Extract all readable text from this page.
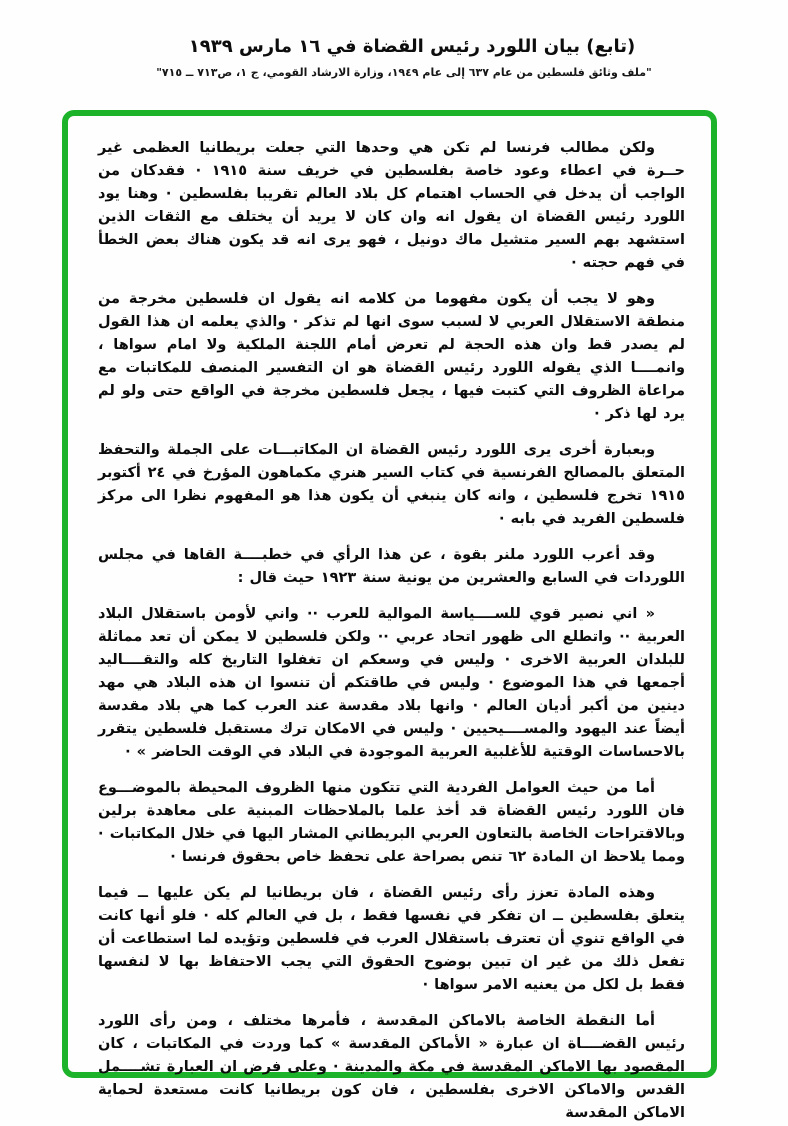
(تابع) بيان اللورد رئيس القضاة في ١٦ مارس ١٩٣٩
"ملف وثائق فلسطين من عام ٦٣٧ إلى عام ١٩٤٩، وزارة الارشاد القومي، ج ١، ص٧١٣ ــ ٧١٥"

ولكن مطالب فرنسا لم تكن هي وحدها التي جعلت بريطانيا العظمى غير حــرة في اعطاء وعود خاصة بفلسطين في خريف سنة ١٩١٥ · فقدكان من الواجب أن يدخل في الحساب اهتمام كل بلاد العالم تقريبا بفلسطين · وهنا يود اللورد رئيس القضاة ان يقول انه وان كان لا يريد أن يختلف مع الثقات الذين استشهد بهم السير متشيل ماك دونيل ، فهو يرى انه قد يكون هناك بعض الخطأ في فهم حجته ·

وهو لا يجب أن يكون مفهوما من كلامه انه يقول ان فلسطين مخرجة من منطقة الاستقلال العربي لا لسبب سوى انها لم تذكر · والذي يعلمه ان هذا القول لم يصدر قط وان هذه الحجة لم تعرض أمام اللجنة الملكية ولا امام سواها ، وانمــــا الذي يقوله اللورد رئيس القضاة هو ان التفسير المنصف للمكاتبات مع مراعاة الظروف التي كتبت فيها ، يجعل فلسطين مخرجة في الواقع حتى ولو لم يرد لها ذكر ·

وبعبارة أخرى يرى اللورد رئيس القضاة ان المكاتبـــات على الجملة والتحفظ المتعلق بالمصالح الفرنسية في كتاب السير هنري مكماهون المؤرخ في ٢٤ أكتوبر ١٩١٥ تخرج فلسطين ، وانه كان ينبغي أن يكون هذا هو المفهوم نظرا الى مركز فلسطين الفريد في بابه ·

وقد أعرب اللورد ملنر بقوة ، عن هذا الرأي في خطبــــة القاها في مجلس اللوردات في السابع والعشرين من يونية سنة ١٩٢٣ حيث قال :

« اني نصير قوي للســــياسة الموالية للعرب ·· واني لأومن باستقلال البلاد العربية ·· واتطلع الى ظهور اتحاد عربي ·· ولكن فلسطين لا يمكن أن تعد مماثلة للبلدان العربية الاخرى · وليس في وسعكم ان تغفلوا التاريخ كله والتقــــاليد أجمعها في هذا الموضوع · وليس في طاقتكم أن تنسوا ان هذه البلاد هي مهد دينين من أكبر أديان العالم · وانها بلاد مقدسة عند العرب كما هي بلاد مقدسة أيضاً عند اليهود والمســــيحيين · وليس في الامكان ترك مستقبل فلسطين يتقرر بالاحساسات الوقتية للأغلبية العربية الموجودة في البلاد في الوقت الحاضر » ·

أما من حيث العوامل الفردية التي تتكون منها الظروف المحيطة بالموضـــوع فان اللورد رئيس القضاة قد أخذ علما بالملاحظات المبنية على معاهدة برلين وبالاقتراحات الخاصة بالتعاون العربي البريطاني المشار اليها في خلال المكاتبات · ومما يلاحظ ان المادة ٦٢ تنص بصراحة على تحفظ خاص بحقوق فرنسا ·

وهذه المادة تعزز رأى رئيس القضاة ، فان بريطانيا لم يكن عليها ــ فيما يتعلق بفلسطين ــ ان تفكر في نفسها فقط ، بل في العالم كله · فلو أنها كانت في الواقع تنوي أن تعترف باستقلال العرب في فلسطين وتؤيده لما استطاعت أن تفعل ذلك من غير ان تبين بوضوح الحقوق التي يجب الاحتفاظ بها لا لنفسها فقط بل لكل من يعنيه الامر سواها ·

أما النقطة الخاصة بالاماكن المقدسة ، فأمرها مختلف ، ومن رأى اللورد رئيس القضــــاة ان عبارة « الأماكن المقدسة » كما وردت في المكاتبات ، كان المقصود بها الاماكن المقدسة في مكة والمدينة · وعلى فرض ان العبارة تشــــمل القدس والاماكن الاخرى بفلسطين ، فان كون بريطانيا كانت مستعدة لحماية الاماكن المقدسة
